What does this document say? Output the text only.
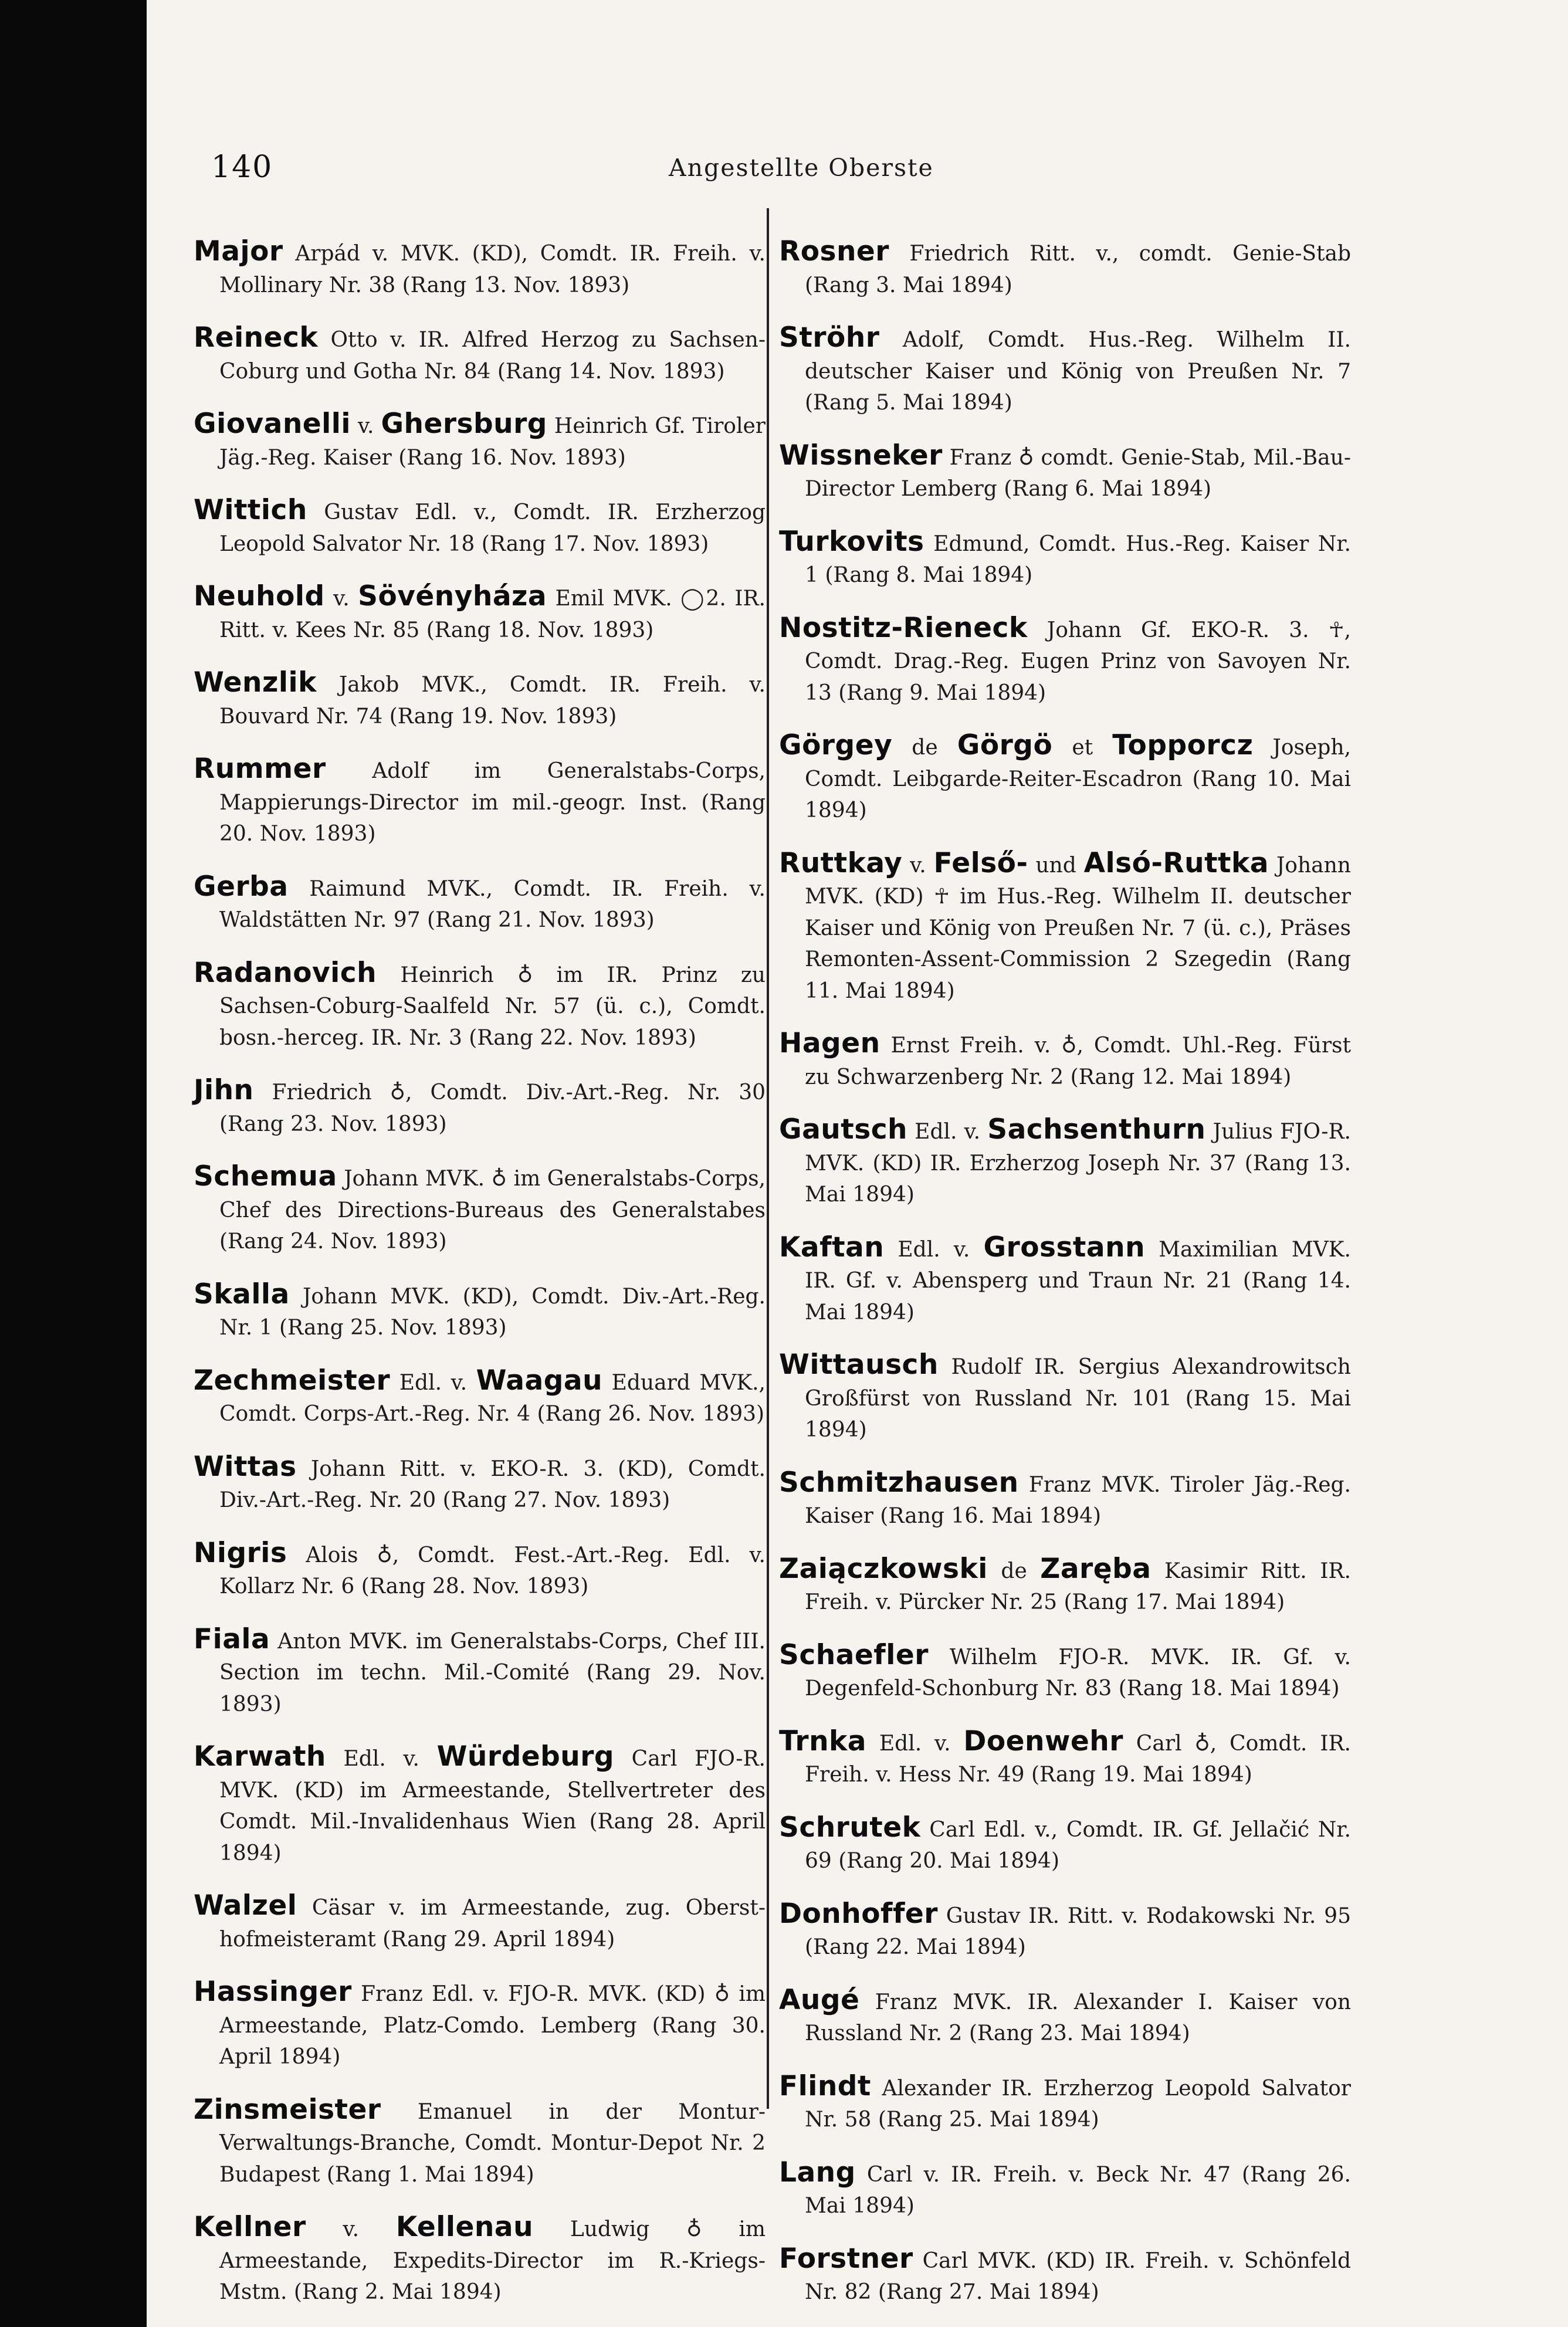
140	Angestellte Oberste

Major Arpád v. MVK. (KD), Comdt. IR. Freih. v. Mollinary Nr. 38 (Rang 13. Nov. 1893)

Reineck Otto v. IR. Alfred Herzog zu Sachsen-Coburg und Gotha Nr. 84 (Rang 14. Nov. 1893)

Giovanelli v. Ghersburg Heinrich Gf. Tiroler Jäg.-Reg. Kaiser (Rang 16. Nov. 1893)

Wittich Gustav Edl. v., Comdt. IR. Erzherzog Leopold Salvator Nr. 18 (Rang 17. Nov. 1893)

Neuhold v. Sövényháza Emil MVK. ◯2. IR. Ritt. v. Kees Nr. 85 (Rang 18. Nov. 1893)

Wenzlik Jakob MVK., Comdt. IR. Freih. v. Bouvard Nr. 74 (Rang 19. Nov. 1893)

Rummer Adolf im Generalstabs-Corps, Mappierungs-Director im mil.-geogr. Inst. (Rang 20. Nov. 1893)

Gerba Raimund MVK., Comdt. IR. Freih. v. Waldstätten Nr. 97 (Rang 21. Nov. 1893)

Radanovich Heinrich ♁ im IR. Prinz zu Sachsen-Coburg-Saalfeld Nr. 57 (ü. c.), Comdt. bosn.-herceg. IR. Nr. 3 (Rang 22. Nov. 1893)

Jihn Friedrich ♁, Comdt. Div.-Art.-Reg. Nr. 30 (Rang 23. Nov. 1893)

Schemua Johann MVK. ♁ im Generalstabs-Corps, Chef des Directions-Bureaus des Generalstabes (Rang 24. Nov. 1893)

Skalla Johann MVK. (KD), Comdt. Div.-Art.-Reg. Nr. 1 (Rang 25. Nov. 1893)

Zechmeister Edl. v. Waagau Eduard MVK., Comdt. Corps-Art.-Reg. Nr. 4 (Rang 26. Nov. 1893)

Wittas Johann Ritt. v. EKO-R. 3. (KD), Comdt. Div.-Art.-Reg. Nr. 20 (Rang 27. Nov. 1893)

Nigris Alois ♁, Comdt. Fest.-Art.-Reg. Edl. v. Kollarz Nr. 6 (Rang 28. Nov. 1893)

Fiala Anton MVK. im Generalstabs-Corps, Chef III. Section im techn. Mil.-Comité (Rang 29. Nov. 1893)

Karwath Edl. v. Würdeburg Carl FJO-R. MVK. (KD) im Armeestande, Stellvertreter des Comdt. Mil.-Invalidenhaus Wien (Rang 28. April 1894)

Walzel Cäsar v. im Armeestande, zug. Oberst-hofmeisteramt (Rang 29. April 1894)

Hassinger Franz Edl. v. FJO-R. MVK. (KD) ♁ im Armeestande, Platz-Comdo. Lemberg (Rang 30. April 1894)

Zinsmeister Emanuel in der Montur-Verwaltungs-Branche, Comdt. Montur-Depot Nr. 2 Budapest (Rang 1. Mai 1894)

Kellner v. Kellenau Ludwig ♁ im Armeestande, Expedits-Director im R.-Kriegs-Mstm. (Rang 2. Mai 1894)

Rosner Friedrich Ritt. v., comdt. Genie-Stab (Rang 3. Mai 1894)

Ströhr Adolf, Comdt. Hus.-Reg. Wilhelm II. deutscher Kaiser und König von Preußen Nr. 7 (Rang 5. Mai 1894)

Wissneker Franz ♁ comdt. Genie-Stab, Mil.-Bau-Director Lemberg (Rang 6. Mai 1894)

Turkovits Edmund, Comdt. Hus.-Reg. Kaiser Nr. 1 (Rang 8. Mai 1894)

Nostitz-Rieneck Johann Gf. EKO-R. 3. ☥, Comdt. Drag.-Reg. Eugen Prinz von Savoyen Nr. 13 (Rang 9. Mai 1894)

Görgey de Görgö et Topporcz Joseph, Comdt. Leibgarde-Reiter-Escadron (Rang 10. Mai 1894)

Ruttkay v. Felső- und Alsó-Ruttka Johann MVK. (KD) ☥ im Hus.-Reg. Wilhelm II. deutscher Kaiser und König von Preußen Nr. 7 (ü. c.), Präses Remonten-Assent-Commission 2 Szegedin (Rang 11. Mai 1894)

Hagen Ernst Freih. v. ♁, Comdt. Uhl.-Reg. Fürst zu Schwarzenberg Nr. 2 (Rang 12. Mai 1894)

Gautsch Edl. v. Sachsenthurn Julius FJO-R. MVK. (KD) IR. Erzherzog Joseph Nr. 37 (Rang 13. Mai 1894)

Kaftan Edl. v. Grosstann Maximilian MVK. IR. Gf. v. Abensperg und Traun Nr. 21 (Rang 14. Mai 1894)

Wittausch Rudolf IR. Sergius Alexandrowitsch Großfürst von Russland Nr. 101 (Rang 15. Mai 1894)

Schmitzhausen Franz MVK. Tiroler Jäg.-Reg. Kaiser (Rang 16. Mai 1894)

Zaiączkowski de Zaręba Kasimir Ritt. IR. Freih. v. Pürcker Nr. 25 (Rang 17. Mai 1894)

Schaefler Wilhelm FJO-R. MVK. IR. Gf. v. Degenfeld-Schonburg Nr. 83 (Rang 18. Mai 1894)

Trnka Edl. v. Doenwehr Carl ♁, Comdt. IR. Freih. v. Hess Nr. 49 (Rang 19. Mai 1894)

Schrutek Carl Edl. v., Comdt. IR. Gf. Jellačić Nr. 69 (Rang 20. Mai 1894)

Donhoffer Gustav IR. Ritt. v. Rodakowski Nr. 95 (Rang 22. Mai 1894)

Augé Franz MVK. IR. Alexander I. Kaiser von Russland Nr. 2 (Rang 23. Mai 1894)

Flindt Alexander IR. Erzherzog Leopold Salvator Nr. 58 (Rang 25. Mai 1894)

Lang Carl v. IR. Freih. v. Beck Nr. 47 (Rang 26. Mai 1894)

Forstner Carl MVK. (KD) IR. Freih. v. Schönfeld Nr. 82 (Rang 27. Mai 1894)
